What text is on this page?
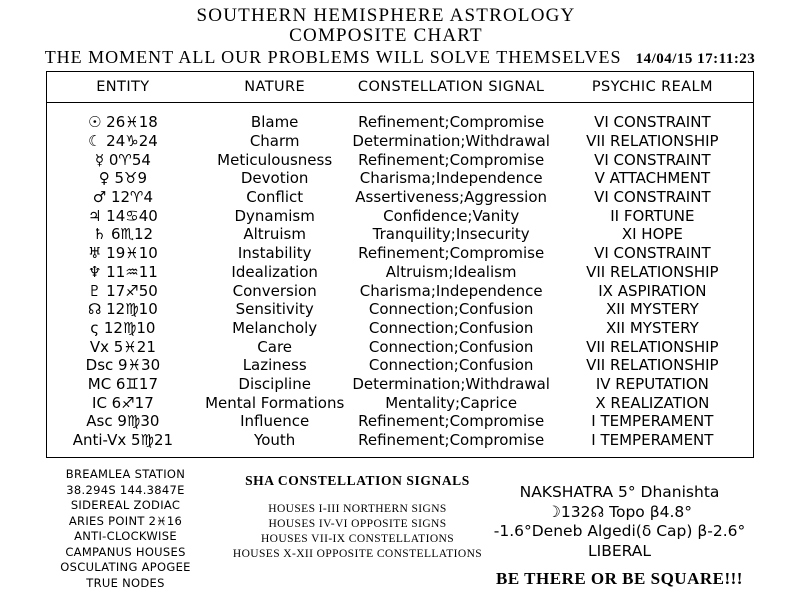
SOUTHERN HEMISPHERE ASTROLOGY
COMPOSITE CHART
THE MOMENT ALL OUR PROBLEMS WILL SOLVE THEMSELVES 14/04/15 17:11:23
ENTITY	NATURE	CONSTELLATION SIGNAL	PSYCHIC REALM
☉ 26♓18	Blame	Refinement;Compromise	VI CONSTRAINT
☾ 24♑24	Charm	Determination;Withdrawal	VII RELATIONSHIP
☿ 0♈54	Meticulousness	Refinement;Compromise	VI CONSTRAINT
♀ 5♉9	Devotion	Charisma;Independence	V ATTACHMENT
♂ 12♈4	Conflict	Assertiveness;Aggression	VI CONSTRAINT
♃ 14♋40	Dynamism	Confidence;Vanity	II FORTUNE
♄ 6♏12	Altruism	Tranquility;Insecurity	XI HOPE
♅ 19♓10	Instability	Refinement;Compromise	VI CONSTRAINT
♆ 11♒11	Idealization	Altruism;Idealism	VII RELATIONSHIP
♇ 17♐50	Conversion	Charisma;Independence	IX ASPIRATION
☊ 12♍10	Sensitivity	Connection;Confusion	XII MYSTERY
ς 12♍10	Melancholy	Connection;Confusion	XII MYSTERY
Vx 5♓21	Care	Connection;Confusion	VII RELATIONSHIP
Dsc 9♓30	Laziness	Connection;Confusion	VII RELATIONSHIP
MC 6♊17	Discipline	Determination;Withdrawal	IV REPUTATION
IC 6♐17	Mental Formations	Mentality;Caprice	X REALIZATION
Asc 9♍30	Influence	Refinement;Compromise	I TEMPERAMENT
Anti-Vx 5♍21	Youth	Refinement;Compromise	I TEMPERAMENT
BREAMLEA STATION
38.294S 144.3847E
SIDEREAL ZODIAC
ARIES POINT 2♓16
ANTI-CLOCKWISE
CAMPANUS HOUSES
OSCULATING APOGEE
TRUE NODES
SHA CONSTELLATION SIGNALS
HOUSES I-III NORTHERN SIGNS
HOUSES IV-VI OPPOSITE SIGNS
HOUSES VII-IX CONSTELLATIONS
HOUSES X-XII OPPOSITE CONSTELLATIONS
NAKSHATRA 5° Dhanishta
☽132☊ Topo β4.8°
-1.6°Deneb Algedi(δ Cap) β-2.6°
LIBERAL
BE THERE OR BE SQUARE!!!
